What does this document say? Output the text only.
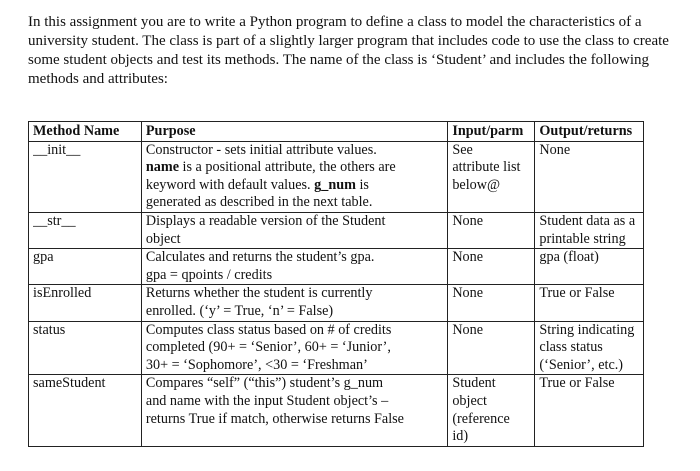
In this assignment you are to write a Python program to define a class to model the characteristics of a
university student. The class is part of a slightly larger program that includes code to use the class to create
some student objects and test its methods. The name of the class is ‘Student’ and includes the following
methods and attributes:
Method Name	Purpose	Input/parm	Output/returns

__init__	Constructor - sets initial attribute values.
name is a positional attribute, the others are
keyword with default values. g_num is
generated as described in the next table.	See
attribute list
below@	None

__str__	Displays a readable version of the Student
object	None	Student data as a
printable string

gpa	Calculates and returns the student’s gpa.
gpa = qpoints / credits	None	gpa (float)

isEnrolled	Returns whether the student is currently
enrolled. (‘y’ = True, ‘n’ = False)	None	True or False

status	Computes class status based on # of credits
completed (90+ = ‘Senior’, 60+ = ‘Junior’,
30+ = ‘Sophomore’, <30 = ‘Freshman’	None	String indicating
class status
(‘Senior’, etc.)

sameStudent	Compares “self” (“this”) student’s g_num
and name with the input Student object’s –
returns True if match, otherwise returns False	Student
object
(reference
id)	True or False
